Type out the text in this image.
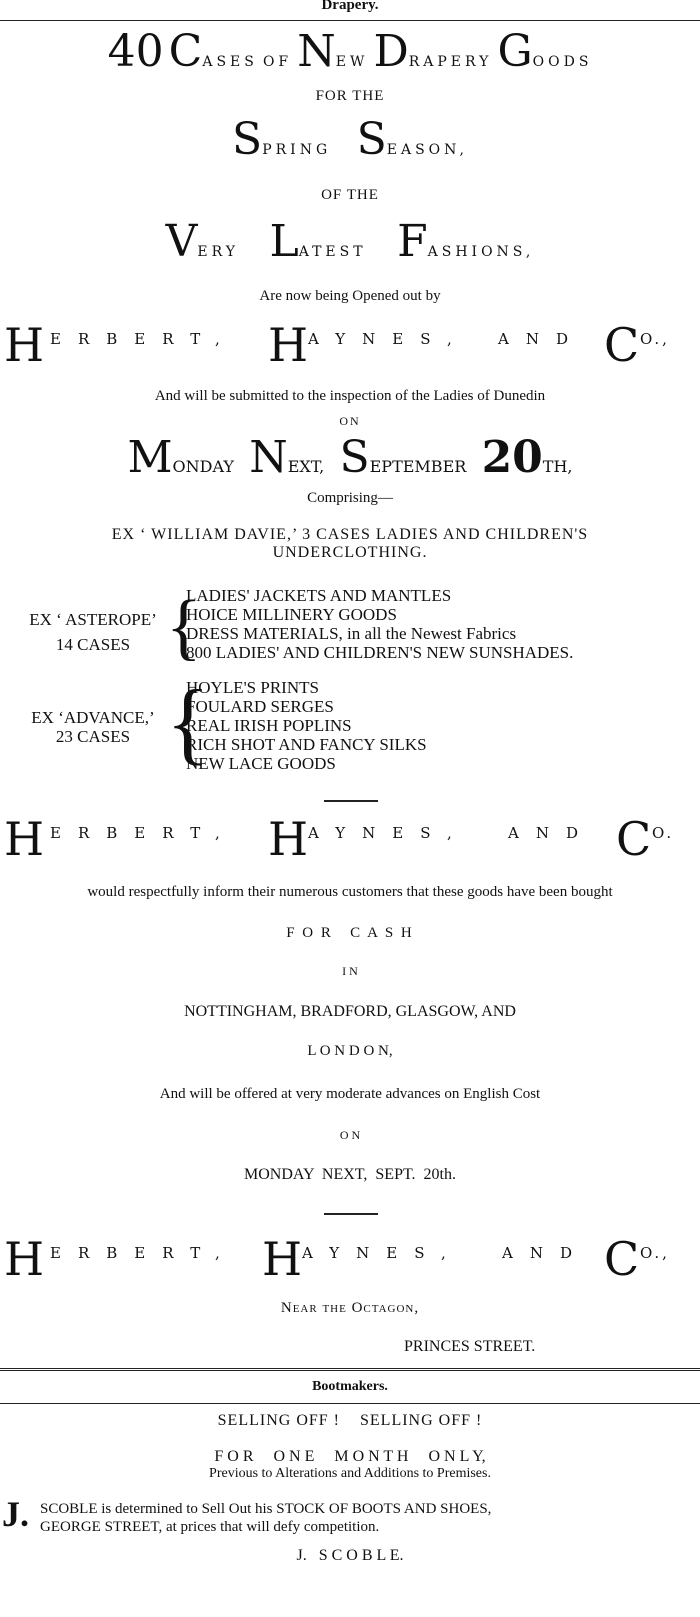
Drapery.
40 CASES OF NEW DRAPERY GOODS
FOR THE
SPRING SEASON,
OF THE
VERY LATEST FASHIONS,
Are now being Opened out by
H ERBERT, H AYNES, AND C O.,
And will be submitted to the inspection of the Ladies of Dunedin
ON
MONDAY NEXT, SEPTEMBER 20TH,
Comprising—
EX ‘ WILLIAM DAVIE,’ 3 CASES LADIES AND CHILDREN'S
UNDERCLOTHING.
EX ‘ ASTEROPE’
14 CASES {
LADIES' JACKETS AND MANTLES
HOICE MILLINERY GOODS
DRESS MATERIALS, in all the Newest Fabrics
800 LADIES' AND CHILDREN'S NEW SUNSHADES.
EX ‘ADVANCE,’
23 CASES {
HOYLE'S PRINTS
FOULARD SERGES
REAL IRISH POPLINS
RICH SHOT AND FANCY SILKS
NEW LACE GOODS
H ERBERT, H AYNES,	AND C O.
would respectfully inform their numerous customers that these goods have been bought
F O R   C A S H
I N
NOTTINGHAM, BRADFORD, GLASGOW, AND
L O N D O N,
And will be offered at very moderate advances on English Cost
O N
MONDAY  NEXT,  SEPT.  20th.
H ERBERT, H AYNES,	AND C O.,
Near the Octagon,
PRINCES STREET.
Bootmakers.
SELLING OFF !    SELLING OFF !
F O R     O N E     M O N T H     O N L Y,
Previous to Alterations and Additions to Premises.
J. SCOBLE is determined to Sell Out his STOCK OF BOOTS AND SHOES,
GEORGE STREET, at prices that will defy competition.
J.   S C O B L E.
